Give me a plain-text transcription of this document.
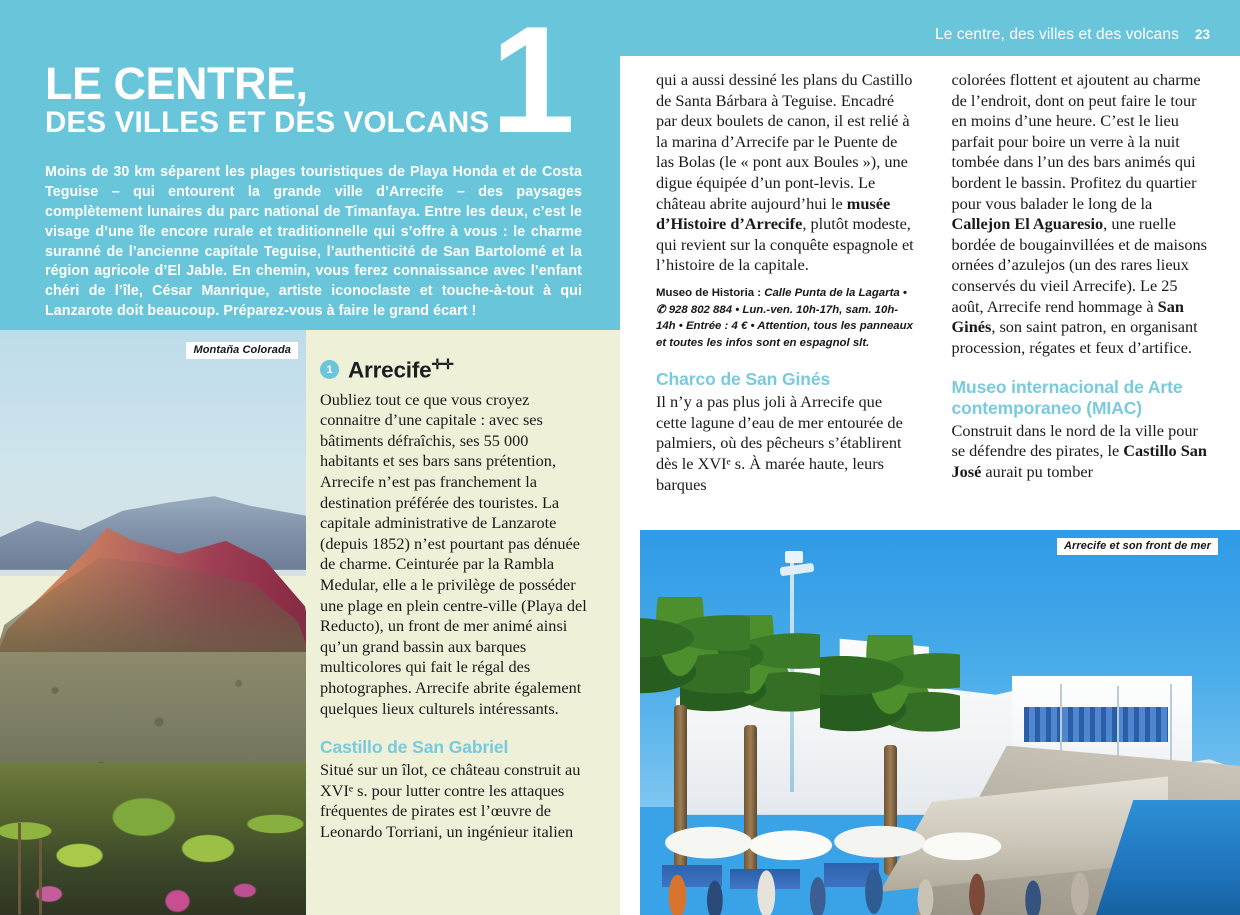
1
LE CENTRE,
DES VILLES ET DES VOLCANS
Moins de 30 km séparent les plages touristiques de Playa Honda et de Costa Teguise – qui entourent la grande ville d’Arrecife – des paysages complètement lunaires du parc national de Timanfaya. Entre les deux, c’est le visage d’une île encore rurale et traditionnelle qui s’offre à vous : le charme suranné de l’ancienne capitale Teguise, l’authenticité de San Bartolomé et la région agricole d’El Jable. En chemin, vous ferez connaissance avec l’enfant chéri de l’île, César Manrique, artiste iconoclaste et touche-à-tout à qui Lanzarote doit beaucoup. Préparez-vous à faire le grand écart !
Montaña Colorada
1 Arrecife✛✛

Oubliez tout ce que vous croyez connaitre d’une capitale : avec ses bâtiments défraîchis, ses 55 000 habitants et ses bars sans prétention, Arrecife n’est pas franchement la destination préférée des touristes. La capitale administrative de Lanzarote (depuis 1852) n’est pourtant pas dénuée de charme. Ceinturée par la Rambla Medular, elle a le privilège de posséder une plage en plein centre-ville (Playa del Reducto), un front de mer animé ainsi qu’un grand bassin aux barques multicolores qui fait le régal des photographes. Arrecife abrite également quelques lieux culturels intéressants.

Castillo de San Gabriel

Situé sur un îlot, ce château construit au XVIᵉ s. pour lutter contre les attaques fréquentes de pirates est l’œuvre de Leonardo Torriani, un ingénieur italien

Le centre, des villes et des volcans 23
qui a aussi dessiné les plans du Castillo de Santa Bárbara à Teguise. Encadré par deux boulets de canon, il est relié à la marina d’Arrecife par le Puente de las Bolas (le « pont aux Boules »), une digue équipée d’un pont-levis. Le château abrite aujourd’hui le musée d’Histoire d’Arrecife, plutôt modeste, qui revient sur la conquête espagnole et l’histoire de la capitale.
Museo de Historia : Calle Punta de la Lagarta • ✆ 928 802 884 • Lun.-ven. 10h-17h, sam. 10h-14h • Entrée : 4 € • Attention, tous les panneaux et toutes les infos sont en espagnol slt.
Charco de San Ginés
Il n’y a pas plus joli à Arrecife que cette lagune d’eau de mer entourée de palmiers, où des pêcheurs s’établirent dès le XVIᵉ s. À marée haute, leurs barques
colorées flottent et ajoutent au charme de l’endroit, dont on peut faire le tour en moins d’une heure. C’est le lieu parfait pour boire un verre à la nuit tombée dans l’un des bars animés qui bordent le bassin. Profitez du quartier pour vous balader le long de la Callejon El Aguaresio, une ruelle bordée de bougainvillées et de maisons ornées d’azulejos (un des rares lieux conservés du vieil Arrecife). Le 25 août, Arrecife rend hommage à San Ginés, son saint patron, en organisant procession, régates et feux d’artifice.
Museo internacional de Arte contemporaneo (MIAC)
Construit dans le nord de la ville pour se défendre des pirates, le Castillo San José aurait pu tomber
Arrecife et son front de mer
